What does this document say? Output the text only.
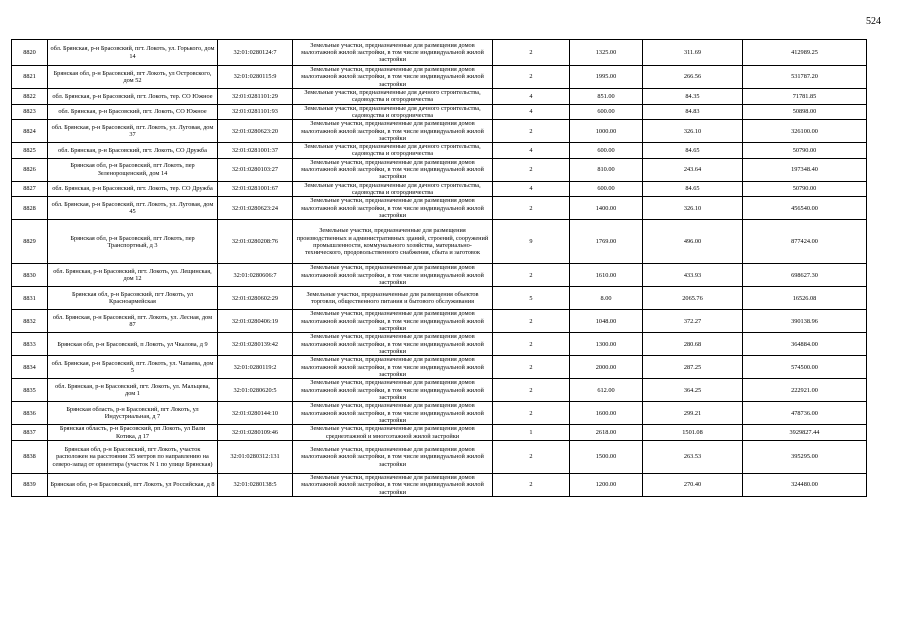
524
8820	обл. Брянская, р-н Брасовский, пгт. Локоть, ул. Горького, дом 14	32:01:0280124:7	Земельные участки, предназначенные для размещения домов малоэтажной жилой застройки, в том числе индивидуальной жилой застройки	2	1325.00	311.69	412989.25
8821	Брянская обл, р-н Брасовский, пгт Локоть, ул Островского, дом 52	32:01:0280115:9	Земельные участки, предназначенные для размещения домов малоэтажной жилой застройки, в том числе индивидуальной жилой застройки	2	1995.00	266.56	531787.20
8822	обл. Брянская, р-н Брасовский, пгт. Локоть, тер. СО Южное	32:01:0281101:29	Земельные участки, предназначенные для дачного строительства, садоводства и огородничества	4	851.00	84.35	71781.85
8823	обл. Брянская, р-н Брасовский, пгт. Локоть, СО Южное	32:01:0281101:93	Земельные участки, предназначенные для дачного строительства, садоводства и огородничества	4	600.00	84.83	50898.00
8824	обл. Брянская, р-н Брасовский, пгт. Локоть, ул. Луговая, дом 37	32:01:0280623:20	Земельные участки, предназначенные для размещения домов малоэтажной жилой застройки, в том числе индивидуальной жилой застройки	2	1000.00	326.10	326100.00
8825	обл. Брянская, р-н Брасовский, пгт. Локоть, СО Дружба	32:01:0281001:37	Земельные участки, предназначенные для дачного строительства, садоводства и огородничества	4	600.00	84.65	50790.00
8826	Брянская обл, р-н Брасовский, пгт Локоть, пер Зеленорощенский, дом 14	32:01:0280103:27	Земельные участки, предназначенные для размещения домов малоэтажной жилой застройки, в том числе индивидуальной жилой застройки	2	810.00	243.64	197348.40
8827	обл. Брянская, р-н Брасовский, пгт. Локоть, тер. СО Дружба	32:01:0281001:67	Земельные участки, предназначенные для дачного строительства, садоводства и огородничества	4	600.00	84.65	50790.00
8828	обл. Брянская, р-н Брасовский, пгт. Локоть, ул. Луговая, дом 45	32:01:0280623:24	Земельные участки, предназначенные для размещения домов малоэтажной жилой застройки, в том числе индивидуальной жилой застройки	2	1400.00	326.10	456540.00
8829	Брянская обл, р-н Брасовский, пгт Локоть, пер Транспортный, д 3	32:01:0280208:76	Земельные участки, предназначенные для размещения производственных и административных зданий, строений, сооружений промышленности, коммунального хозяйства, материально-технического, продовольственного снабжения, сбыта и заготовок	9	1769.00	496.00	877424.00
8830	обл. Брянская, р-н Брасовский, пгт. Локоть, ул. Лещинская, дом 12	32:01:0280606:7	Земельные участки, предназначенные для размещения домов малоэтажной жилой застройки, в том числе индивидуальной жилой застройки	2	1610.00	433.93	698627.30
8831	Брянская обл, р-н Брасовский, пгт Локоть, ул Красноармейская	32:01:0280602:29	Земельные участки, предназначенные для размещения объектов торговли, общественного питания и бытового обслуживания	5	8.00	2065.76	16526.08
8832	обл. Брянская, р-н Брасовский, пгт. Локоть, ул. Лесная, дом 87	32:01:0280406:19	Земельные участки, предназначенные для размещения домов малоэтажной жилой застройки, в том числе индивидуальной жилой застройки	2	1048.00	372.27	390138.96
8833	Брянская обл, р-н Брасовский, п Локоть, ул Чкалова, д 9	32:01:0280139:42	Земельные участки, предназначенные для размещения домов малоэтажной жилой застройки, в том числе индивидуальной жилой застройки	2	1300.00	280.68	364884.00
8834	обл. Брянская, р-н Брасовский, пгт. Локоть, ул. Чапаева, дом 5	32:01:0280119:2	Земельные участки, предназначенные для размещения домов малоэтажной жилой застройки, в том числе индивидуальной жилой застройки	2	2000.00	287.25	574500.00
8835	обл. Брянская, р-н Брасовский, пгт. Локоть, ул. Мальцева, дом 1	32:01:0280620:5	Земельные участки, предназначенные для размещения домов малоэтажной жилой застройки, в том числе индивидуальной жилой застройки	2	612.00	364.25	222921.00
8836	Брянская область, р-н Брасовский, пгт Локоть, ул Индустриальная, д 7	32:01:0280144:10	Земельные участки, предназначенные для размещения домов малоэтажной жилой застройки, в том числе индивидуальной жилой застройки	2	1600.00	299.21	478736.00
8837	Брянская область, р-н Брасовский, рп Локоть, ул Вали Котика, д 17	32:01:0280109:46	Земельные участки, предназначенные для размещения домов среднеэтажной и многоэтажной жилой застройки	1	2618.00	1501.08	3929827.44
8838	Брянская обл, р-н Брасовский, пгт Локоть, участок расположен на расстоянии 35 метров по направлению на северо-запад от ориентира (участок N 1 по улице Брянская)	32:01:0280312:131	Земельные участки, предназначенные для размещения домов малоэтажной жилой застройки, в том числе индивидуальной жилой застройки	2	1500.00	263.53	395295.00
8839	Брянская обл, р-н Брасовский, пгт Локоть, ул Российская, д 8	32:01:0280138:5	Земельные участки, предназначенные для размещения домов малоэтажной жилой застройки, в том числе индивидуальной жилой застройки	2	1200.00	270.40	324480.00
